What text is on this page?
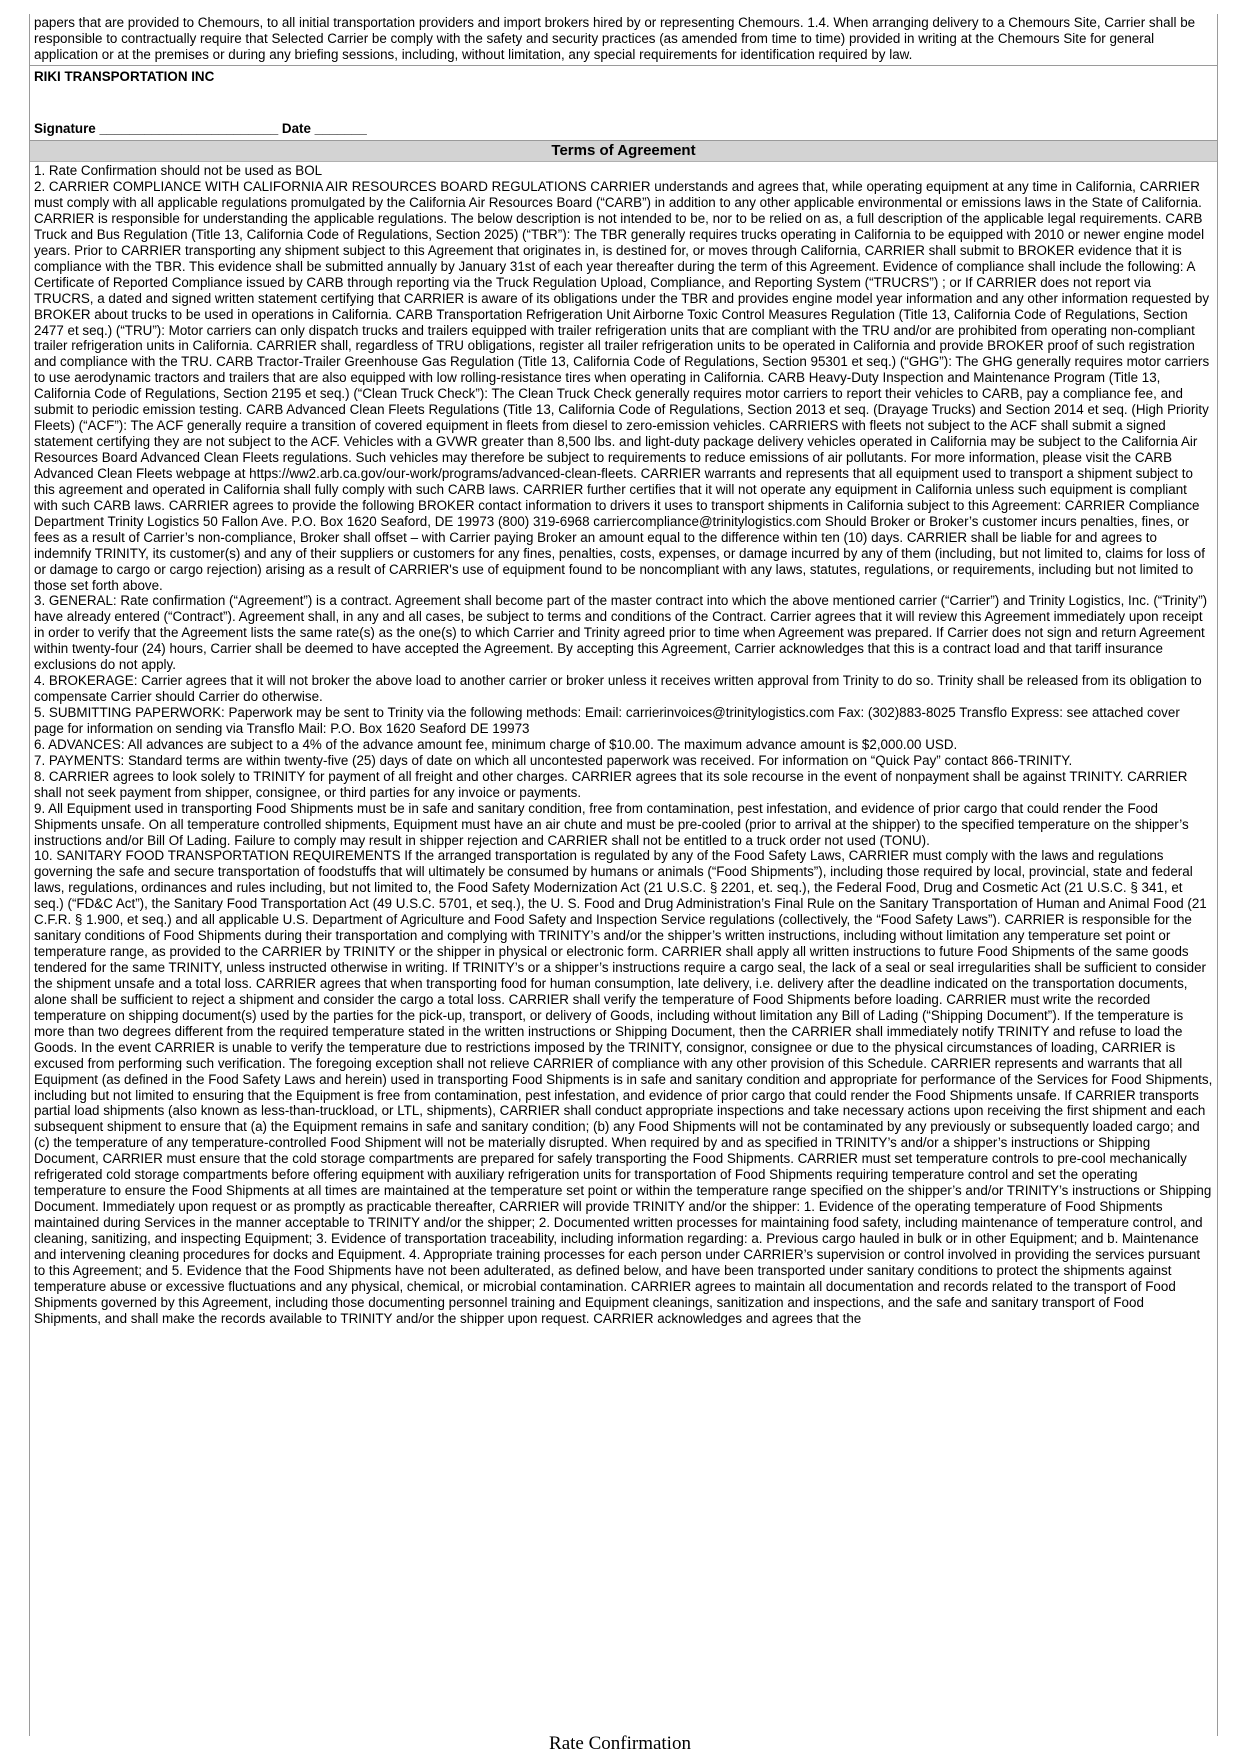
papers that are provided to Chemours, to all initial transportation providers and import brokers hired by or representing Chemours. 1.4. When arranging delivery to a Chemours Site, Carrier shall be responsible to contractually require that Selected Carrier be comply with the safety and security practices (as amended from time to time) provided in writing at the Chemours Site for general application or at the premises or during any briefing sessions, including, without limitation, any special requirements for identification required by law.
RIKI TRANSPORTATION INC
Signature ________________________ Date _______
Terms of Agreement

1. Rate Confirmation should not be used as BOL

2. CARRIER COMPLIANCE WITH CALIFORNIA AIR RESOURCES BOARD REGULATIONS CARRIER understands and agrees that, while operating equipment at any time in California, CARRIER must comply with all applicable regulations promulgated by the California Air Resources Board (“CARB”) in addition to any other applicable environmental or emissions laws in the State of California. CARRIER is responsible for understanding the applicable regulations. The below description is not intended to be, nor to be relied on as, a full description of the applicable legal requirements. CARB Truck and Bus Regulation (Title 13, California Code of Regulations, Section 2025) (“TBR”): The TBR generally requires trucks operating in California to be equipped with 2010 or newer engine model years. Prior to CARRIER transporting any shipment subject to this Agreement that originates in, is destined for, or moves through California, CARRIER shall submit to BROKER evidence that it is compliance with the TBR. This evidence shall be submitted annually by January 31st of each year thereafter during the term of this Agreement. Evidence of compliance shall include the following: A Certificate of Reported Compliance issued by CARB through reporting via the Truck Regulation Upload, Compliance, and Reporting System (“TRUCRS”) ; or If CARRIER does not report via TRUCRS, a dated and signed written statement certifying that CARRIER is aware of its obligations under the TBR and provides engine model year information and any other information requested by BROKER about trucks to be used in operations in California. CARB Transportation Refrigeration Unit Airborne Toxic Control Measures Regulation (Title 13, California Code of Regulations, Section 2477 et seq.) (“TRU”): Motor carriers can only dispatch trucks and trailers equipped with trailer refrigeration units that are compliant with the TRU and/or are prohibited from operating non-compliant trailer refrigeration units in California. CARRIER shall, regardless of TRU obligations, register all trailer refrigeration units to be operated in California and provide BROKER proof of such registration and compliance with the TRU. CARB Tractor-Trailer Greenhouse Gas Regulation (Title 13, California Code of Regulations, Section 95301 et seq.) (“GHG”): The GHG generally requires motor carriers to use aerodynamic tractors and trailers that are also equipped with low rolling-resistance tires when operating in California. CARB Heavy-Duty Inspection and Maintenance Program (Title 13, California Code of Regulations, Section 2195 et seq.) (“Clean Truck Check”): The Clean Truck Check generally requires motor carriers to report their vehicles to CARB, pay a compliance fee, and submit to periodic emission testing. CARB Advanced Clean Fleets Regulations (Title 13, California Code of Regulations, Section 2013 et seq. (Drayage Trucks) and Section 2014 et seq. (High Priority Fleets) (“ACF”): The ACF generally require a transition of covered equipment in fleets from diesel to zero-emission vehicles. CARRIERS with fleets not subject to the ACF shall submit a signed statement certifying they are not subject to the ACF. Vehicles with a GVWR greater than 8,500 lbs. and light-duty package delivery vehicles operated in California may be subject to the California Air Resources Board Advanced Clean Fleets regulations. Such vehicles may therefore be subject to requirements to reduce emissions of air pollutants. For more information, please visit the CARB Advanced Clean Fleets webpage at https://ww2.arb.ca.gov/our-work/programs/advanced-clean-fleets. CARRIER warrants and represents that all equipment used to transport a shipment subject to this agreement and operated in California shall fully comply with such CARB laws. CARRIER further certifies that it will not operate any equipment in California unless such equipment is compliant with such CARB laws. CARRIER agrees to provide the following BROKER contact information to drivers it uses to transport shipments in California subject to this Agreement: CARRIER Compliance Department Trinity Logistics 50 Fallon Ave. P.O. Box 1620 Seaford, DE 19973 (800) 319-6968 carriercompliance@trinitylogistics.com Should Broker or Broker’s customer incurs penalties, fines, or fees as a result of Carrier’s non-compliance, Broker shall offset – with Carrier paying Broker an amount equal to the difference within ten (10) days. CARRIER shall be liable for and agrees to indemnify TRINITY, its customer(s) and any of their suppliers or customers for any fines, penalties, costs, expenses, or damage incurred by any of them (including, but not limited to, claims for loss of or damage to cargo or cargo rejection) arising as a result of CARRIER's use of equipment found to be noncompliant with any laws, statutes, regulations, or requirements, including but not limited to those set forth above.

3. GENERAL: Rate confirmation (“Agreement”) is a contract. Agreement shall become part of the master contract into which the above mentioned carrier (“Carrier”) and Trinity Logistics, Inc. (“Trinity”) have already entered (“Contract”). Agreement shall, in any and all cases, be subject to terms and conditions of the Contract. Carrier agrees that it will review this Agreement immediately upon receipt in order to verify that the Agreement lists the same rate(s) as the one(s) to which Carrier and Trinity agreed prior to time when Agreement was prepared. If Carrier does not sign and return Agreement within twenty-four (24) hours, Carrier shall be deemed to have accepted the Agreement. By accepting this Agreement, Carrier acknowledges that this is a contract load and that tariff insurance exclusions do not apply.

4. BROKERAGE: Carrier agrees that it will not broker the above load to another carrier or broker unless it receives written approval from Trinity to do so. Trinity shall be released from its obligation to compensate Carrier should Carrier do otherwise.

5. SUBMITTING PAPERWORK: Paperwork may be sent to Trinity via the following methods: Email: carrierinvoices@trinitylogistics.com Fax: (302)883-8025 Transflo Express: see attached cover page for information on sending via Transflo Mail: P.O. Box 1620 Seaford DE 19973

6. ADVANCES: All advances are subject to a 4% of the advance amount fee, minimum charge of $10.00. The maximum advance amount is $2,000.00 USD.

7. PAYMENTS: Standard terms are within twenty-five (25) days of date on which all uncontested paperwork was received. For information on “Quick Pay” contact 866-TRINITY.

8. CARRIER agrees to look solely to TRINITY for payment of all freight and other charges. CARRIER agrees that its sole recourse in the event of nonpayment shall be against TRINITY. CARRIER shall not seek payment from shipper, consignee, or third parties for any invoice or payments.

9. All Equipment used in transporting Food Shipments must be in safe and sanitary condition, free from contamination, pest infestation, and evidence of prior cargo that could render the Food Shipments unsafe. On all temperature controlled shipments, Equipment must have an air chute and must be pre-cooled (prior to arrival at the shipper) to the specified temperature on the shipper’s instructions and/or Bill Of Lading. Failure to comply may result in shipper rejection and CARRIER shall not be entitled to a truck order not used (TONU).

10. SANITARY FOOD TRANSPORTATION REQUIREMENTS If the arranged transportation is regulated by any of the Food Safety Laws, CARRIER must comply with the laws and regulations governing the safe and secure transportation of foodstuffs that will ultimately be consumed by humans or animals (“Food Shipments”), including those required by local, provincial, state and federal laws, regulations, ordinances and rules including, but not limited to, the Food Safety Modernization Act (21 U.S.C. § 2201, et. seq.), the Federal Food, Drug and Cosmetic Act (21 U.S.C. § 341, et seq.) (“FD&C Act”), the Sanitary Food Transportation Act (49 U.S.C. 5701, et seq.), the U. S. Food and Drug Administration’s Final Rule on the Sanitary Transportation of Human and Animal Food (21 C.F.R. § 1.900, et seq.) and all applicable U.S. Department of Agriculture and Food Safety and Inspection Service regulations (collectively, the “Food Safety Laws”). CARRIER is responsible for the sanitary conditions of Food Shipments during their transportation and complying with TRINITY’s and/or the shipper’s written instructions, including without limitation any temperature set point or temperature range, as provided to the CARRIER by TRINITY or the shipper in physical or electronic form. CARRIER shall apply all written instructions to future Food Shipments of the same goods tendered for the same TRINITY, unless instructed otherwise in writing. If TRINITY’s or a shipper’s instructions require a cargo seal, the lack of a seal or seal irregularities shall be sufficient to consider the shipment unsafe and a total loss. CARRIER agrees that when transporting food for human consumption, late delivery, i.e. delivery after the deadline indicated on the transportation documents, alone shall be sufficient to reject a shipment and consider the cargo a total loss. CARRIER shall verify the temperature of Food Shipments before loading. CARRIER must write the recorded temperature on shipping document(s) used by the parties for the pick-up, transport, or delivery of Goods, including without limitation any Bill of Lading (“Shipping Document”). If the temperature is more than two degrees different from the required temperature stated in the written instructions or Shipping Document, then the CARRIER shall immediately notify TRINITY and refuse to load the Goods. In the event CARRIER is unable to verify the temperature due to restrictions imposed by the TRINITY, consignor, consignee or due to the physical circumstances of loading, CARRIER is excused from performing such verification. The foregoing exception shall not relieve CARRIER of compliance with any other provision of this Schedule. CARRIER represents and warrants that all Equipment (as defined in the Food Safety Laws and herein) used in transporting Food Shipments is in safe and sanitary condition and appropriate for performance of the Services for Food Shipments, including but not limited to ensuring that the Equipment is free from contamination, pest infestation, and evidence of prior cargo that could render the Food Shipments unsafe. If CARRIER transports partial load shipments (also known as less-than-truckload, or LTL, shipments), CARRIER shall conduct appropriate inspections and take necessary actions upon receiving the first shipment and each subsequent shipment to ensure that (a) the Equipment remains in safe and sanitary condition; (b) any Food Shipments will not be contaminated by any previously or subsequently loaded cargo; and (c) the temperature of any temperature-controlled Food Shipment will not be materially disrupted. When required by and as specified in TRINITY’s and/or a shipper’s instructions or Shipping Document, CARRIER must ensure that the cold storage compartments are prepared for safely transporting the Food Shipments. CARRIER must set temperature controls to pre-cool mechanically refrigerated cold storage compartments before offering equipment with auxiliary refrigeration units for transportation of Food Shipments requiring temperature control and set the operating temperature to ensure the Food Shipments at all times are maintained at the temperature set point or within the temperature range specified on the shipper’s and/or TRINITY’s instructions or Shipping Document. Immediately upon request or as promptly as practicable thereafter, CARRIER will provide TRINITY and/or the shipper: 1. Evidence of the operating temperature of Food Shipments maintained during Services in the manner acceptable to TRINITY and/or the shipper; 2. Documented written processes for maintaining food safety, including maintenance of temperature control, and cleaning, sanitizing, and inspecting Equipment; 3. Evidence of transportation traceability, including information regarding: a. Previous cargo hauled in bulk or in other Equipment; and b. Maintenance and intervening cleaning procedures for docks and Equipment. 4. Appropriate training processes for each person under CARRIER’s supervision or control involved in providing the services pursuant to this Agreement; and 5. Evidence that the Food Shipments have not been adulterated, as defined below, and have been transported under sanitary conditions to protect the shipments against temperature abuse or excessive fluctuations and any physical, chemical, or microbial contamination. CARRIER agrees to maintain all documentation and records related to the transport of Food Shipments governed by this Agreement, including those documenting personnel training and Equipment cleanings, sanitization and inspections, and the safe and sanitary transport of Food Shipments, and shall make the records available to TRINITY and/or the shipper upon request. CARRIER acknowledges and agrees that the

Rate Confirmation
